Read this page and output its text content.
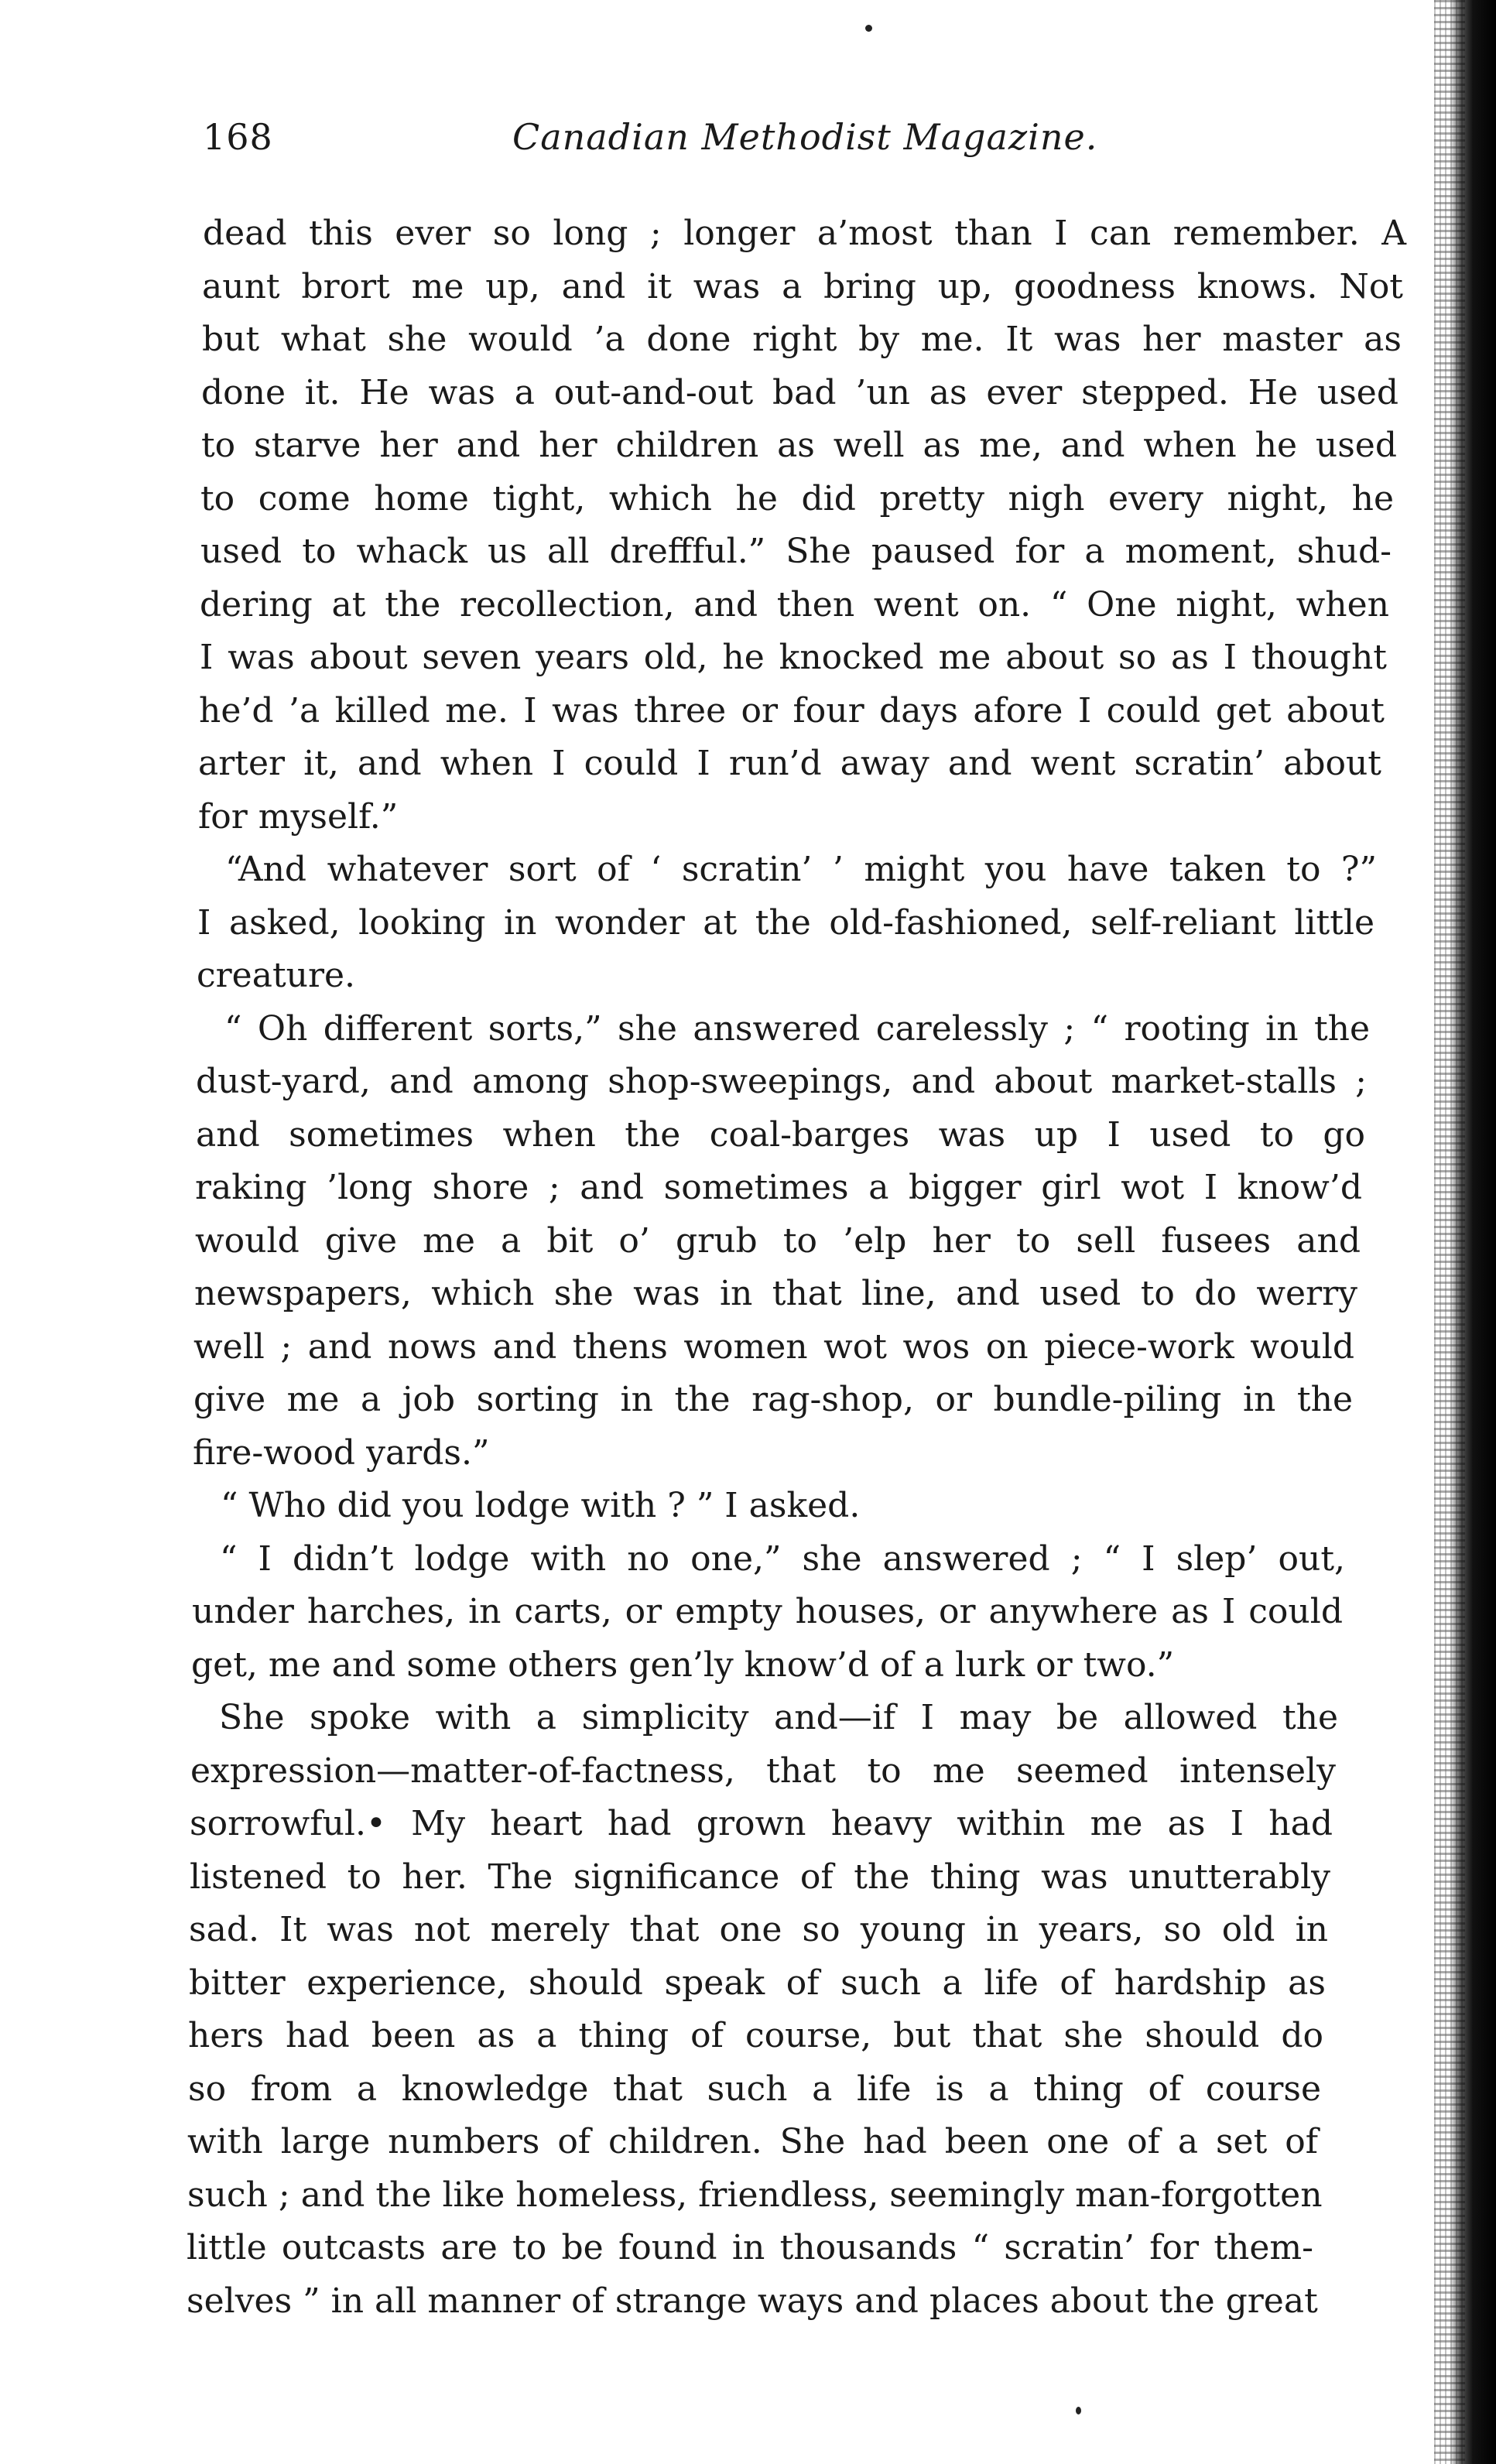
168	Canadian Methodist Magazine.
dead this ever so long ; longer a’most than I can remember. A
aunt brort me up, and it was a bring up, goodness knows. Not
but what she would ’a done right by me. It was her master as
done it. He was a out-and-out bad ’un as ever stepped. He used
to starve her and her children as well as me, and when he used
to come home tight, which he did pretty nigh every night, he
used to whack us all dreffful.” She paused for a moment, shud-
dering at the recollection, and then went on. “ One night, when
I was about seven years old, he knocked me about so as I thought
he’d ’a killed me. I was three or four days afore I could get about
arter it, and when I could I run’d away and went scratin’ about
for myself.”
“And whatever sort of ‘ scratin’ ’ might you have taken to ?”
I asked, looking in wonder at the old-fashioned, self-reliant little
creature.
“ Oh different sorts,” she answered carelessly ; “ rooting in the
dust-yard, and among shop-sweepings, and about market-stalls ;
and sometimes when the coal-barges was up I used to go
raking ’long shore ; and sometimes a bigger girl wot I know’d
would give me a bit o’ grub to ’elp her to sell fusees and
newspapers, which she was in that line, and used to do werry
well ; and nows and thens women wot wos on piece-work would
give me a job sorting in the rag-shop, or bundle-piling in the
fire-wood yards.”
“ Who did you lodge with ? ” I asked.
“ I didn’t lodge with no one,” she answered ; “ I slep’ out,
under harches, in carts, or empty houses, or anywhere as I could
get, me and some others gen’ly know’d of a lurk or two.”
She spoke with a simplicity and—if I may be allowed the
expression—matter-of-factness, that to me seemed intensely
sorrowful.• My heart had grown heavy within me as I had
listened to her. The significance of the thing was unutterably
sad. It was not merely that one so young in years, so old in
bitter experience, should speak of such a life of hardship as
hers had been as a thing of course, but that she should do
so from a knowledge that such a life is a thing of course
with large numbers of children. She had been one of a set of
such ; and the like homeless, friendless, seemingly man-forgotten
little outcasts are to be found in thousands “ scratin’ for them-
selves ” in all manner of strange ways and places about the great
